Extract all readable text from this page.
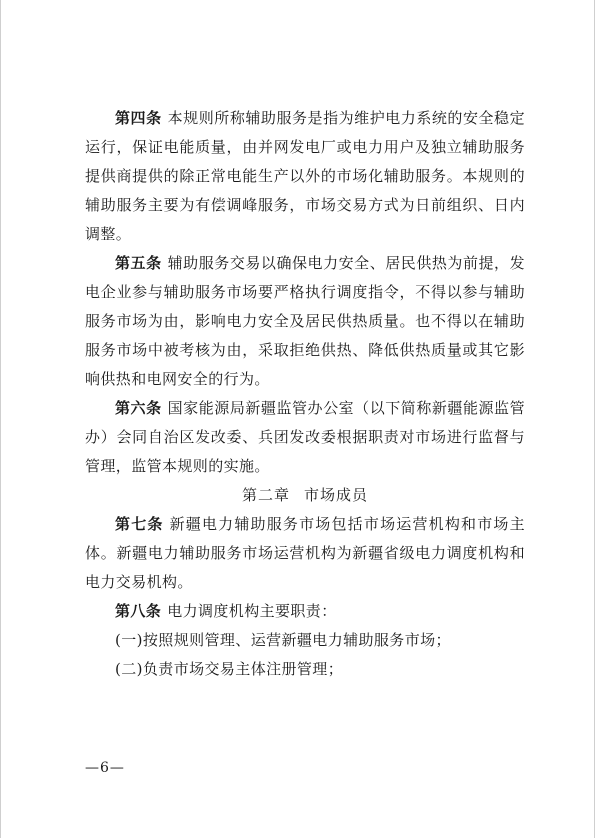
第四条 本规则所称辅助服务是指为维护电力系统的安全稳定运行，保证电能质量，由并网发电厂或电力用户及独立辅助服务提供商提供的除正常电能生产以外的市场化辅助服务。本规则的辅助服务主要为有偿调峰服务，市场交易方式为日前组织、日内调整。

第五条 辅助服务交易以确保电力安全、居民供热为前提，发电企业参与辅助服务市场要严格执行调度指令，不得以参与辅助服务市场为由，影响电力安全及居民供热质量。也不得以在辅助服务市场中被考核为由，采取拒绝供热、降低供热质量或其它影响供热和电网安全的行为。

第六条 国家能源局新疆监管办公室（以下简称新疆能源监管办）会同自治区发改委、兵团发改委根据职责对市场进行监督与管理，监管本规则的实施。

第二章 市场成员

第七条 新疆电力辅助服务市场包括市场运营机构和市场主体。新疆电力辅助服务市场运营机构为新疆省级电力调度机构和电力交易机构。

第八条 电力调度机构主要职责：

(一)按照规则管理、运营新疆电力辅助服务市场；

(二)负责市场交易主体注册管理；

—6—
